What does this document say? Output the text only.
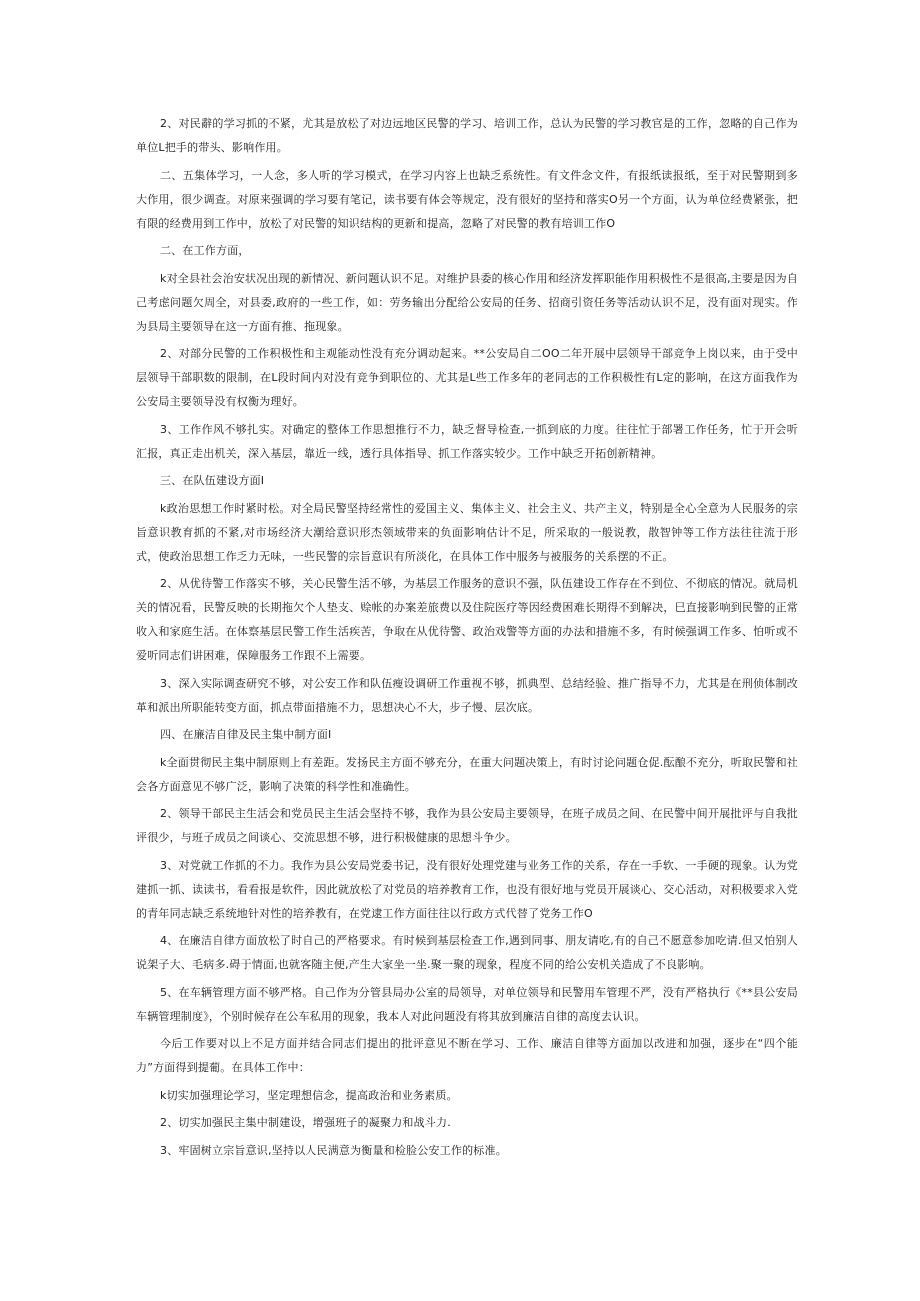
2、对民辭的学习抓的不紧，尤其是放松了对边远地区民警的学习、培训工作，总认为民警的学习教官是的工作，忽略的自己作为单位L把手的带头、影响作用。

二、五集体学习，一人念，多人听的学习模式，在学习内容上也缺乏系统性。有文件念文件，有报纸读报纸，至于对民警期到多大作用，很少调查。对原来强调的学习要有笔记，读书要有体会等规定，没有很好的坚持和落实O另一个方面，认为单位经费紧张，把有限的经费用到工作中，放松了对民警的知识结构的更新和提高，忽略了对民警的教有培训工作O

二、在工作方面，

k对全县社会治安状况出现的新情况、新问题认识不足。对维护县委的核心作用和经济发挥职能作用积极性不是很高,主要是因为自己考虑问题欠周全，对县委,政府的一些工作，如：劳务输出分配给公安局的任务、招商引资任务等活动认识不足，没有面对现实。作为县局主要领导在这一方面有推、拖现象。

2、对部分民警的工作积极性和主观能动性没有充分调动起来。**公安局自二OO二年开展中层领导干部竞争上岗以来，由于受中层领导干部职数的限制，在L段时间内对没有竞争到职位的、尤其是L些工作多年的老同志的工作积极性有L定的影响，在这方面我作为公安局主要领导没有权衡为理好。

3、工作作风不够扎实。对确定的整体工作思想推行不力，缺乏督导检查,一抓到底的力度。往往忙于部署工作任务，忙于开会听汇报，真正走出机关，深入基层，靠近一线，透行具体指导、抓工作落实较少。工作中缺乏开拓创新精神。

三、在队伍建设方面I

k政治思想工作时紧时松。对全局民警坚持经常性的爱国主义、集体主义、社会主义、共产主义，特别是全心全意为人民服务的宗旨意识教育抓的不紧,对市场经济大潮给意识形杰领域带来的负面影响估计不足，所采取的一般说教，散智钟等工作方法往往流于形式，使政治思想工作乏力无味，一些民警的宗旨意识有所淡化，在具体工作中服务与被服务的关系摆的不正。

2、从优待警工作落实不够，关心民警生活不够，为基层工作服务的意识不强，队伍建设工作存在不到位、不彻底的情况。就局机关的情况看，民警反映的长期拖欠个人垫支、赊帐的办案差旅费以及住院医疗等因经费困难长期得不到解决，巳直接影响到民警的正常收入和家庭生活。在体察基层民警工作生活疾苦，争取在从优待警、政治戏警等方面的办法和措施不多，有时候强调工作多、怕听或不爱听同志们讲困难，保障服务工作跟不上需要。

3、深入实际调查研究不够，对公安工作和队伍瘦设调研工作重视不够，抓典型、总结经验、推广指导不力，尤其是在刑侦体制改革和派出所职能转变方面，抓点带面措施不力，思想决心不大，步子慢、层次底。

四、在廉洁自律及民主集中制方面I

k全面贯彻民主集中制原则上有差距。发扬民主方面不够充分，在重大问题决策上，有时讨论问题仓促.酝酿不充分，听取民警和社会各方面意见不够广泛，影响了决策的科学性和准确性。

2、领导干部民主生活会和党员民主生活会坚持不够，我作为县公安局主要领导，在班子成员之间、在民警中间开展批评与自我批评很少，与班子成员之间谈心、交流思想不够，进行积极健康的思想斗争少。

3、对党就工作抓的不力。我作为县公安局党委书记，没有很好处理党建与业务工作的关系，存在一手软、一手硬的现象。认为党建抓一抓、读读书，看看报是软件，因此就放松了对党员的培养教育工作，也没有很好地与党员开展谈心、交心活动，对积极要求入党的青年同志缺乏系统地针对性的培养教有，在党逮工作方面往往以行政方式代替了党务工作O

4、在廉洁自律方面放松了时自己的严格要求。有时候到基层检查工作,遇到同事、朋友请吃,有的自己不愿意参加吃请.但又怕别人说架子大、毛病多.碍于情面,也就客随主便,产生大家坐一坐.聚一聚的现象，程度不同的给公安机关造成了不良影响。

5、在车辆管理方面不够严格。自己作为分管县局办公室的局领导，对单位领导和民警用车管理不严，没有严格执行《**县公安局车辆管理制度》，个别时候存在公车私用的现象，我本人对此问题没有将其放到廉洁自律的高度去认识。

今后工作要对以上不足方面并结合同志们提出的批评意见不断在学习、工作、廉洁自律等方面加以改进和加强，逐步在“四个能力”方面得到提葡。在具体工作中：

k切实加强理论学习，坚定理想信念，提高政治和业务素质。

2、切实加强民主集中制建设，增强班子的凝聚力和战斗力.

3、牢固树立宗旨意识,坚持以人民满意为衡量和检脸公安工作的标准。
